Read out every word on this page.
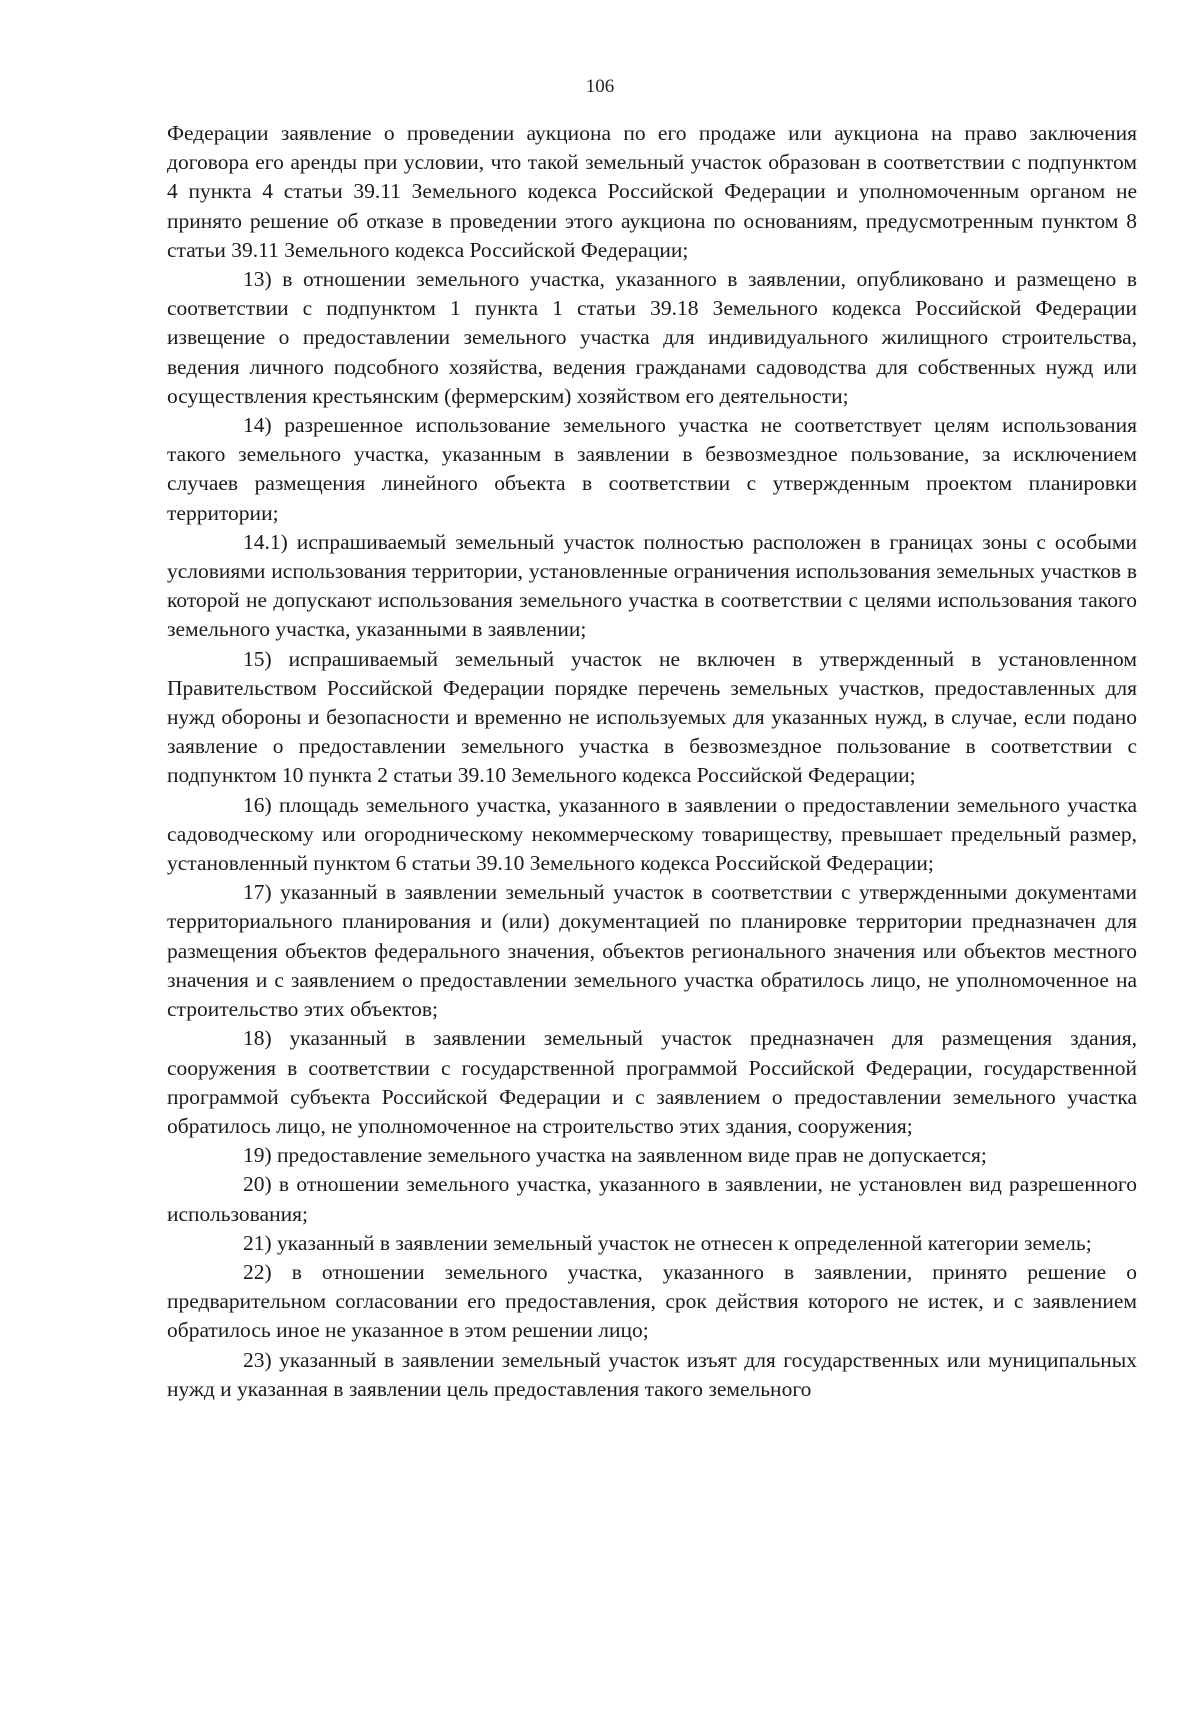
106

Федерации заявление о проведении аукциона по его продаже или аукциона на право заключения договора его аренды при условии, что такой земельный участок образован в соответствии с подпунктом 4 пункта 4 статьи 39.11 Земельного кодекса Российской Федерации и уполномоченным органом не принято решение об отказе в проведении этого аукциона по основаниям, предусмотренным пунктом 8 статьи 39.11 Земельного кодекса Российской Федерации;

13) в отношении земельного участка, указанного в заявлении, опубликовано и размещено в соответствии с подпунктом 1 пункта 1 статьи 39.18 Земельного кодекса Российской Федерации извещение о предоставлении земельного участка для индивидуального жилищного строительства, ведения личного подсобного хозяйства, ведения гражданами садоводства для собственных нужд или осуществления крестьянским (фермерским) хозяйством его деятельности;

14) разрешенное использование земельного участка не соответствует целям использования такого земельного участка, указанным в заявлении в безвозмездное пользование, за исключением случаев размещения линейного объекта в соответствии с утвержденным проектом планировки территории;

14.1) испрашиваемый земельный участок полностью расположен в границах зоны с особыми условиями использования территории, установленные ограничения использования земельных участков в которой не допускают использования земельного участка в соответствии с целями использования такого земельного участка, указанными в заявлении;

15) испрашиваемый земельный участок не включен в утвержденный в установленном Правительством Российской Федерации порядке перечень земельных участков, предоставленных для нужд обороны и безопасности и временно не используемых для указанных нужд, в случае, если подано заявление о предоставлении земельного участка в безвозмездное пользование в соответствии с подпунктом 10 пункта 2 статьи 39.10 Земельного кодекса Российской Федерации;

16) площадь земельного участка, указанного в заявлении о предоставлении земельного участка садоводческому или огородническому некоммерческому товариществу, превышает предельный размер, установленный пунктом 6 статьи 39.10 Земельного кодекса Российской Федерации;

17) указанный в заявлении земельный участок в соответствии с утвержденными документами территориального планирования и (или) документацией по планировке территории предназначен для размещения объектов федерального значения, объектов регионального значения или объектов местного значения и с заявлением о предоставлении земельного участка обратилось лицо, не уполномоченное на строительство этих объектов;

18) указанный в заявлении земельный участок предназначен для размещения здания, сооружения в соответствии с государственной программой Российской Федерации, государственной программой субъекта Российской Федерации и с заявлением о предоставлении земельного участка обратилось лицо, не уполномоченное на строительство этих здания, сооружения;

19) предоставление земельного участка на заявленном виде прав не допускается;

20) в отношении земельного участка, указанного в заявлении, не установлен вид разрешенного использования;

21) указанный в заявлении земельный участок не отнесен к определенной категории земель;

22) в отношении земельного участка, указанного в заявлении, принято решение о предварительном согласовании его предоставления, срок действия которого не истек, и с заявлением обратилось иное не указанное в этом решении лицо;

23) указанный в заявлении земельный участок изъят для государственных или муниципальных нужд и указанная в заявлении цель предоставления такого земельного
